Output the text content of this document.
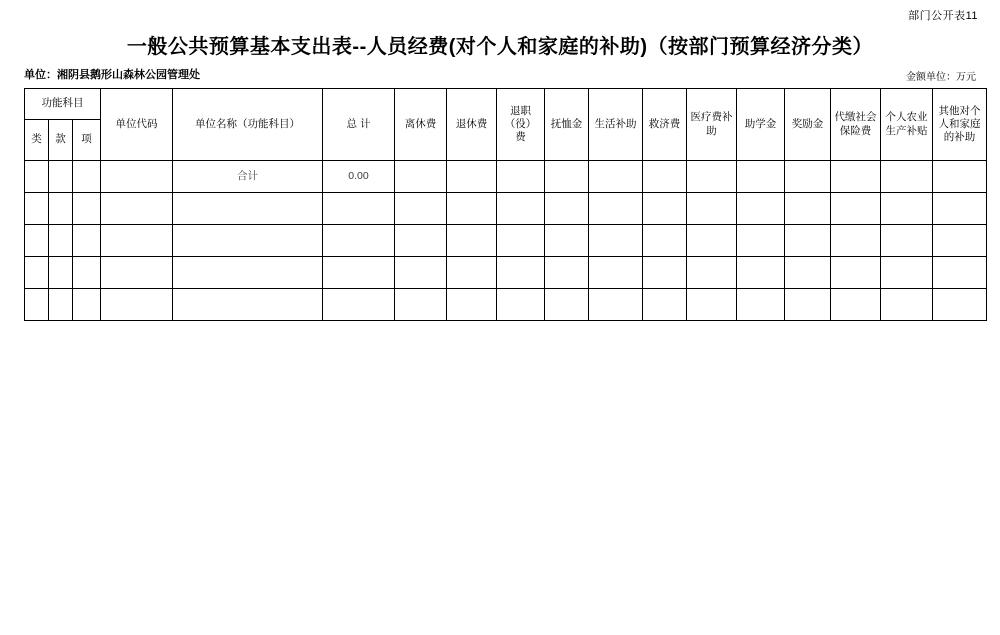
部门公开表11
一般公共预算基本支出表--人员经费(对个人和家庭的补助)（按部门预算经济分类）
单位：湘阴县鹅形山森林公园管理处	金额单位：万元
功能科目			单位代码	单位名称（功能科目）	总 计	离休费	退休费	退职（役）费	抚恤金	生活补助	救济费	医疗费补助	助学金	奖励金	代缴社会保险费	个人农业生产补贴	其他对个人和家庭的补助
类	款	项															
				合计	0.00												
